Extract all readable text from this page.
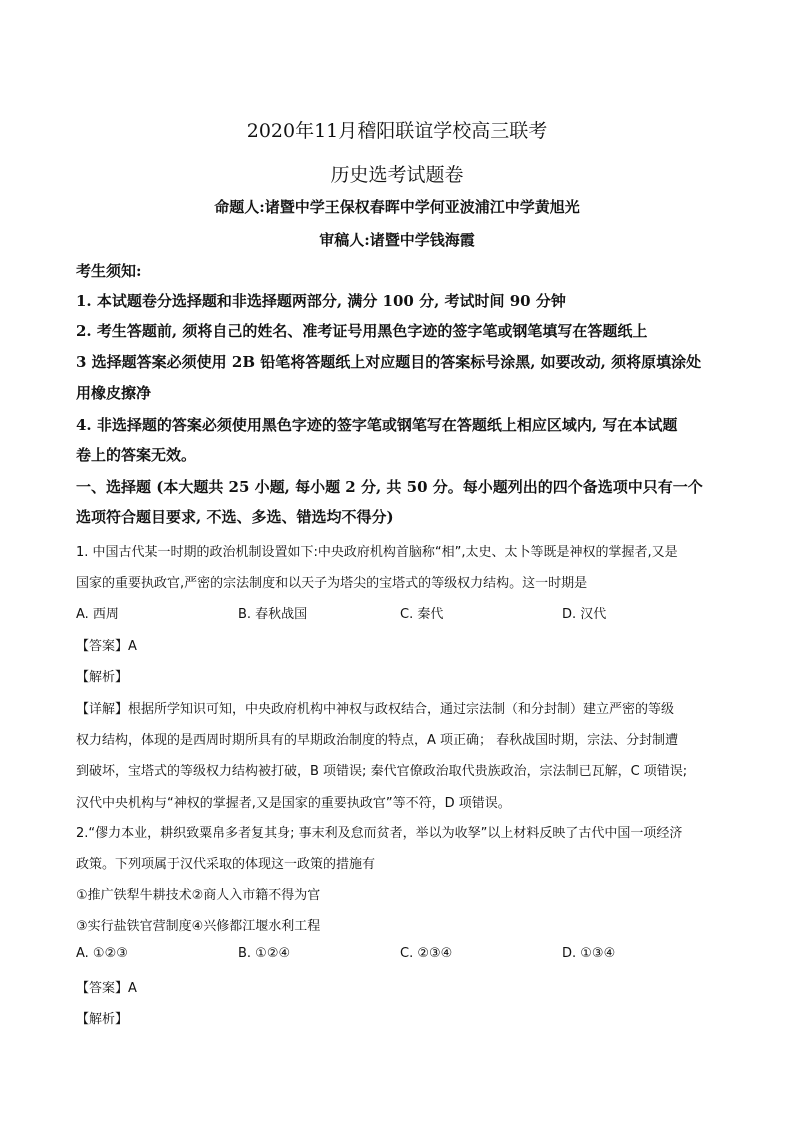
2020年11月稽阳联谊学校高三联考
历史选考试题卷
命题人:诸暨中学王保权春晖中学何亚波浦江中学黄旭光
审稿人:诸暨中学钱海霞
考生须知:
1. 本试题卷分选择题和非选择题两部分, 满分 100 分, 考试时间 90 分钟
2. 考生答题前, 须将自己的姓名、准考证号用黑色字迹的签字笔或钢笔填写在答题纸上
3 选择题答案必须使用 2B 铅笔将答题纸上对应题目的答案标号涂黑, 如要改动, 须将原填涂处
用橡皮擦净
4. 非选择题的答案必须使用黑色字迹的签字笔或钢笔写在答题纸上相应区域内, 写在本试题
卷上的答案无效。
一、选择题 (本大题共 25 小题, 每小题 2 分, 共 50 分。每小题列出的四个备选项中只有一个
选项符合题目要求, 不选、多选、错选均不得分)
1. 中国古代某一时期的政治机制设置如下:中央政府机构首脑称“相”,太史、太卜等既是神权的掌握者,又是
国家的重要执政官,严密的宗法制度和以天子为塔尖的宝塔式的等级权力结构。这一时期是
A. 西周	B. 春秋战国	C. 秦代	D. 汉代
【答案】A
【解析】
【详解】根据所学知识可知，中央政府机构中神权与政权结合，通过宗法制（和分封制）建立严密的等级
权力结构，体现的是西周时期所具有的早期政治制度的特点，A 项正确； 春秋战国时期，宗法、分封制遭
到破坏，宝塔式的等级权力结构被打破，B 项错误; 秦代官僚政治取代贵族政治，宗法制已瓦解，C 项错误;
汉代中央机构与“神权的掌握者,又是国家的重要执政官”等不符，D 项错误。
2.“僇力本业，耕织致粟帛多者复其身; 事末利及怠而贫者，举以为收孥”以上材料反映了古代中国一项经济
政策。下列项属于汉代采取的体现这一政策的措施有
①推广铁犁牛耕技术②商人入市籍不得为官
③实行盐铁官营制度④兴修都江堰水利工程
A. ①②③	B. ①②④	C. ②③④	D. ①③④
【答案】A
【解析】
